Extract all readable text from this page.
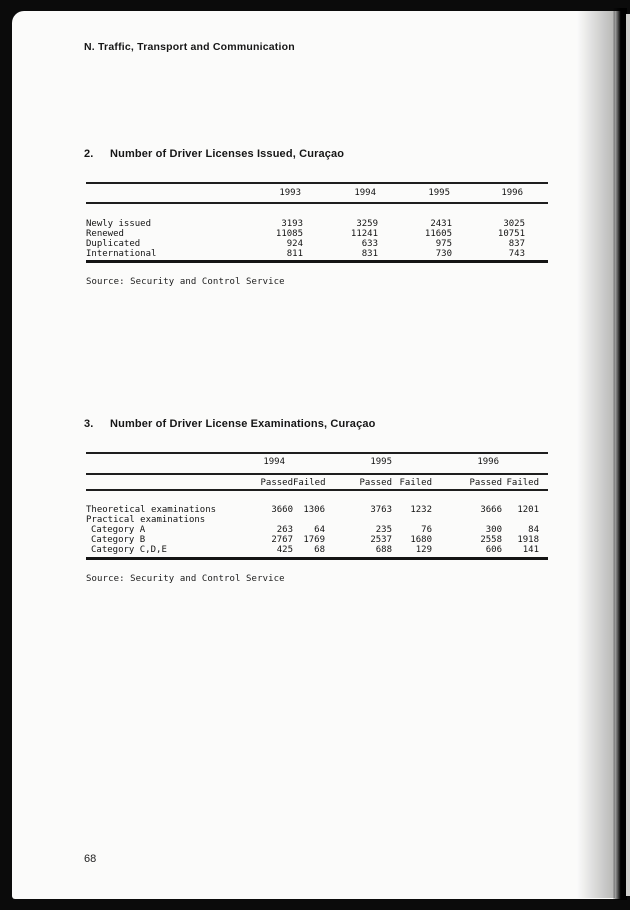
N. Traffic, Transport and Communication
2.	Number of Driver Licenses Issued, Curaçao
1993	1994	1995	1996
Newly issued	3193	3259	2431	3025
Renewed	11085	11241	11605	10751
Duplicated	924	633	975	837
International	811	831	730	743
Source: Security and Control Service
3.	Number of Driver License Examinations, Curaçao
1994	1995	1996
Passed Failed	Passed Failed	Passed Failed
Theoretical examinations	3660	1306	3763	1232	3666	1201
Practical examinations
Category A	263	64	235	76	300	84
Category B	2767	1769	2537	1680	2558	1918
Category C,D,E	425	68	688	129	606	141
Source: Security and Control Service
68
